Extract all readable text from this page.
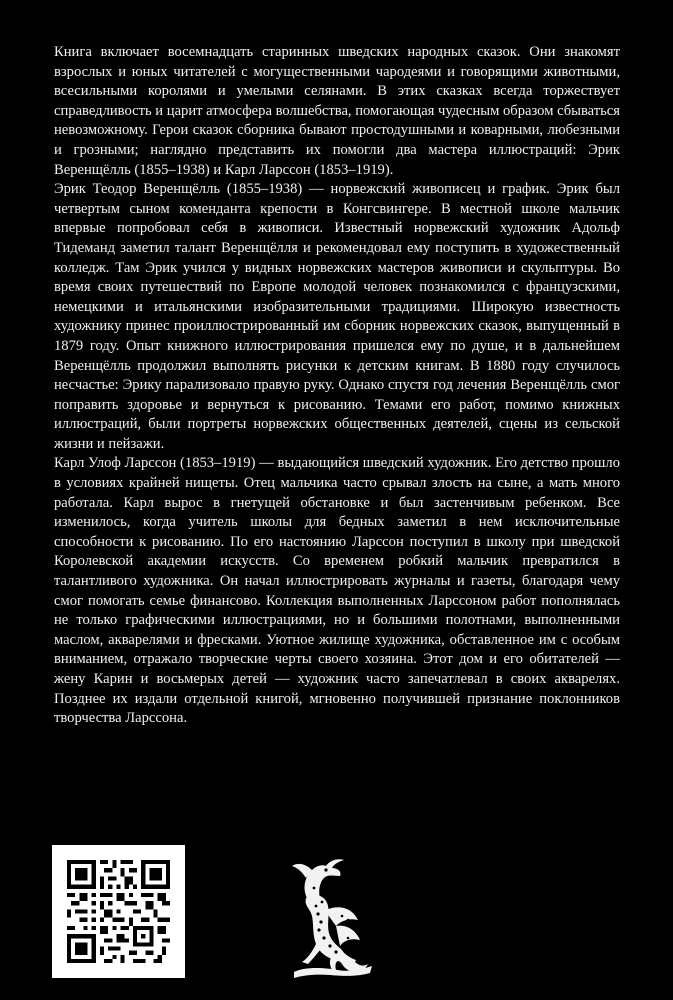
Книга включает восемнадцать старинных шведских народных сказок. Они знакомят взрослых и юных читателей с могущественными чародеями и говорящими животными, всесильными королями и умелыми селянами. В этих сказках всегда торжествует справедливость и царит атмосфера волшебства, помогающая чудесным образом сбываться невозможному. Герои сказок сборника бывают простодушными и коварными, любезными и грозными; наглядно представить их помогли два мастера иллюстраций: Эрик Веренщёлль (1855–1938) и Карл Ларссон (1853–1919).

Эрик Теодор Веренщёлль (1855–1938) — норвежский живописец и график. Эрик был четвертым сыном коменданта крепости в Конгсвингере. В местной школе мальчик впервые попробовал себя в живописи. Известный норвежский художник Адольф Тидеманд заметил талант Веренщёлля и рекомендовал ему поступить в художественный колледж. Там Эрик учился у видных норвежских мастеров живописи и скульптуры. Во время своих путешествий по Европе молодой человек познакомился с французскими, немецкими и итальянскими изобразительными традициями. Широкую известность художнику принес проиллюстрированный им сборник норвежских сказок, выпущенный в 1879 году. Опыт книжного иллюстрирования пришелся ему по душе, и в дальнейшем Веренщёлль продолжил выполнять рисунки к детским книгам. В 1880 году случилось несчастье: Эрику парализовало правую руку. Однако спустя год лечения Веренщёлль смог поправить здоровье и вернуться к рисованию. Темами его работ, помимо книжных иллюстраций, были портреты норвежских общественных деятелей, сцены из сельской жизни и пейзажи.

Карл Улоф Ларссон (1853–1919) — выдающийся шведский художник. Его детство прошло в условиях крайней нищеты. Отец мальчика часто срывал злость на сыне, а мать много работала. Карл вырос в гнетущей обстановке и был застенчивым ребенком. Все изменилось, когда учитель школы для бедных заметил в нем исключительные способности к рисованию. По его настоянию Ларссон поступил в школу при шведской Королевской академии искусств. Со временем робкий мальчик превратился в талантливого художника. Он начал иллюстрировать журналы и газеты, благодаря чему смог помогать семье финансово. Коллекция выполненных Ларссоном работ пополнялась не только графическими иллюстрациями, но и большими полотнами, выполненными маслом, акварелями и фресками. Уютное жилище художника, обставленное им с особым вниманием, отражало творческие черты своего хозяина. Этот дом и его обитателей — жену Карин и восьмерых детей — художник часто запечатлевал в своих акварелях. Позднее их издали отдельной книгой, мгновенно получившей признание поклонников творчества Ларссона.
